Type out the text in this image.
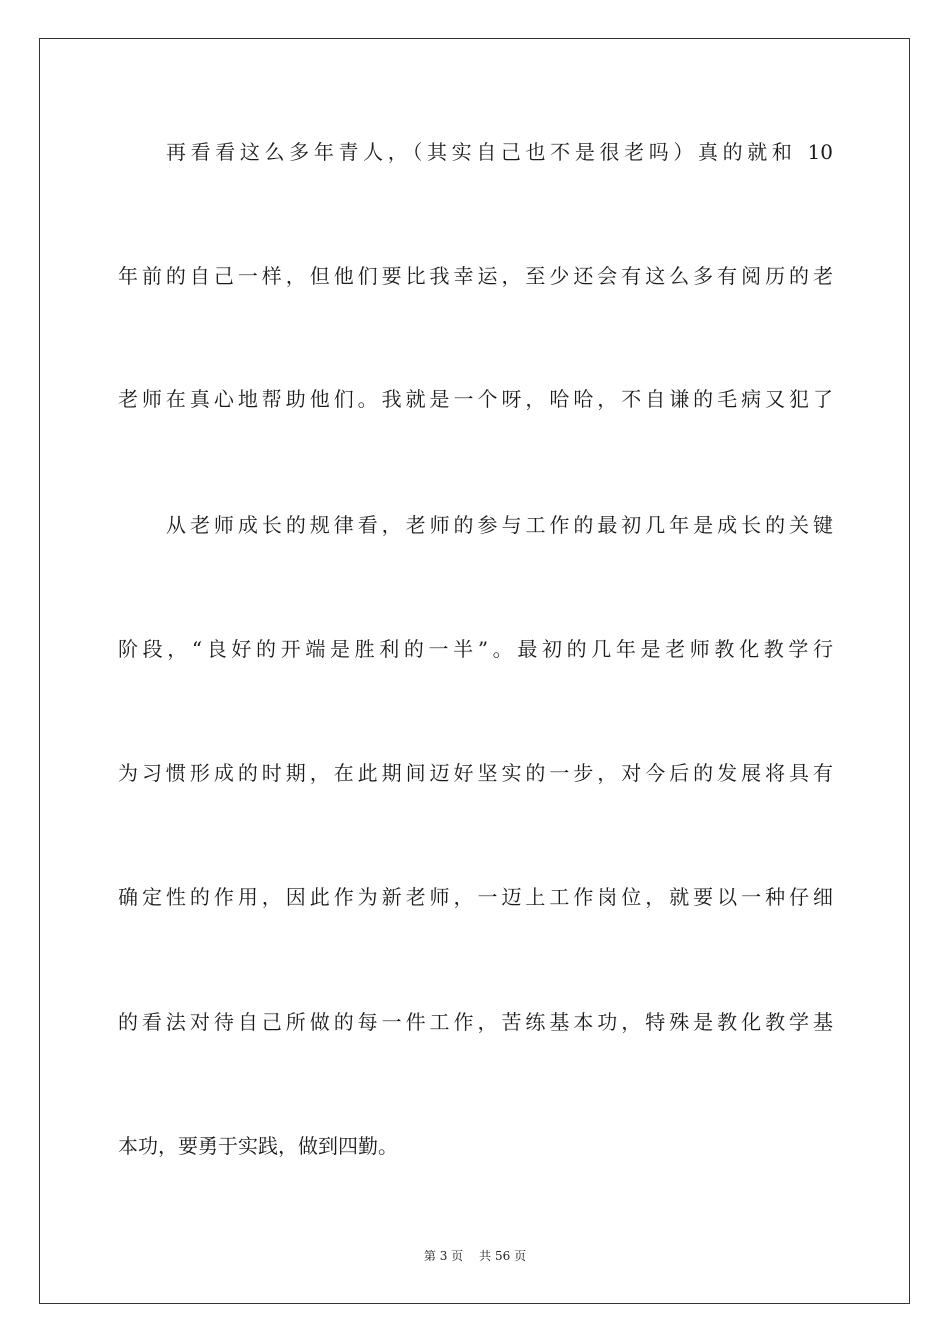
再看看这么多年青人，（其实自己也不是很老吗）真的就和 10
年前的自己一样，但他们要比我幸运，至少还会有这么多有阅历的老
老师在真心地帮助他们。我就是一个呀，哈哈，不自谦的毛病又犯了
从老师成长的规律看，老师的参与工作的最初几年是成长的关键
阶段，“良好的开端是胜利的一半”。最初的几年是老师教化教学行
为习惯形成的时期，在此期间迈好坚实的一步，对今后的发展将具有
确定性的作用，因此作为新老师，一迈上工作岗位，就要以一种仔细
的看法对待自己所做的每一件工作，苦练基本功，特殊是教化教学基
本功，要勇于实践，做到四勤。
第 3 页 共 56 页
